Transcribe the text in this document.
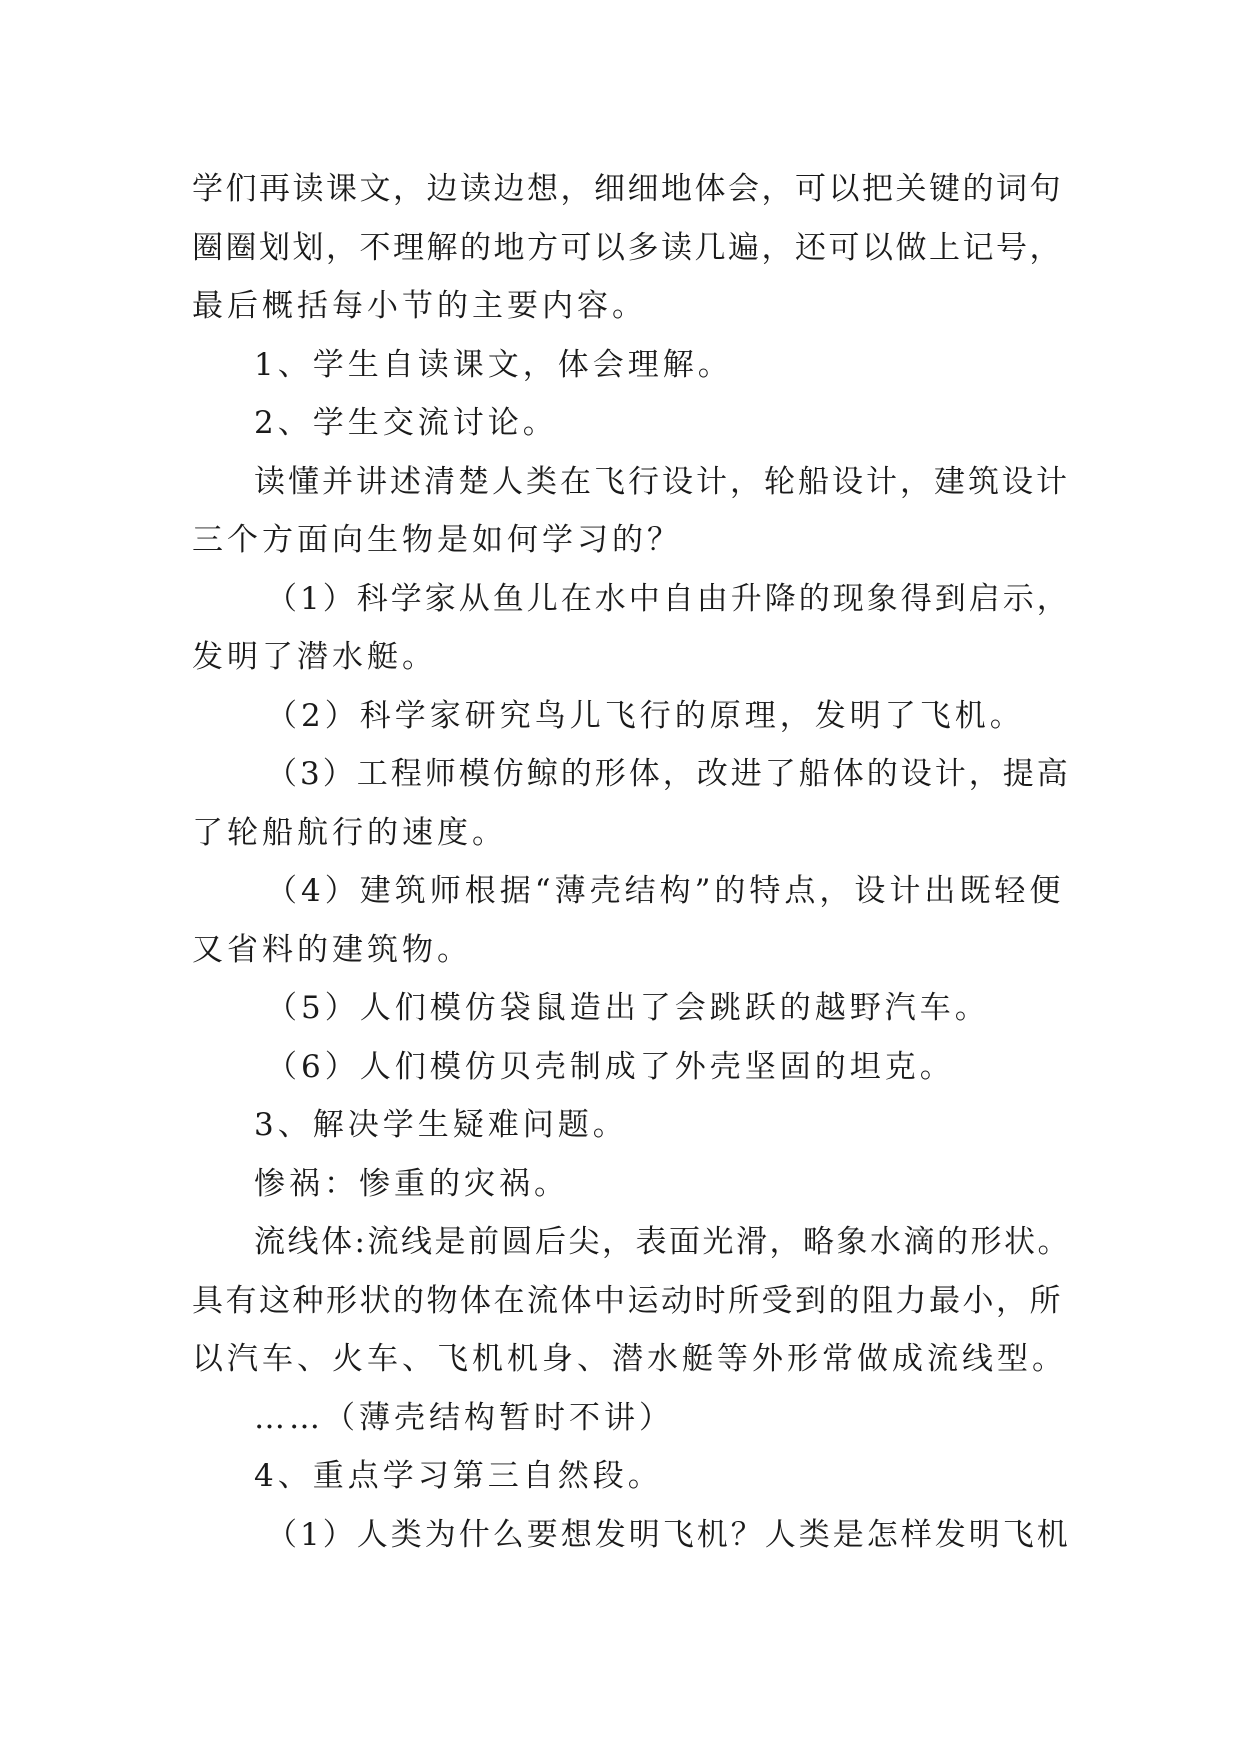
学们再读课文，边读边想，细细地体会，可以把关键的词句

圈圈划划，不理解的地方可以多读几遍，还可以做上记号，

最后概括每小节的主要内容。

1、学生自读课文，体会理解。

2、学生交流讨论。

读懂并讲述清楚人类在飞行设计，轮船设计，建筑设计

三个方面向生物是如何学习的？

（1）科学家从鱼儿在水中自由升降的现象得到启示，

发明了潜水艇。

（2）科学家研究鸟儿飞行的原理，发明了飞机。

（3）工程师模仿鲸的形体，改进了船体的设计，提高

了轮船航行的速度。

（4）建筑师根据“薄壳结构”的特点，设计出既轻便

又省料的建筑物。

（5）人们模仿袋鼠造出了会跳跃的越野汽车。

（6）人们模仿贝壳制成了外壳坚固的坦克。

3、解决学生疑难问题。

惨祸：惨重的灾祸。

流线体:流线是前圆后尖，表面光滑，略象水滴的形状。

具有这种形状的物体在流体中运动时所受到的阻力最小，所

以汽车、火车、飞机机身、潜水艇等外形常做成流线型。

……（薄壳结构暂时不讲）

4、重点学习第三自然段。

（1）人类为什么要想发明飞机？人类是怎样发明飞机
